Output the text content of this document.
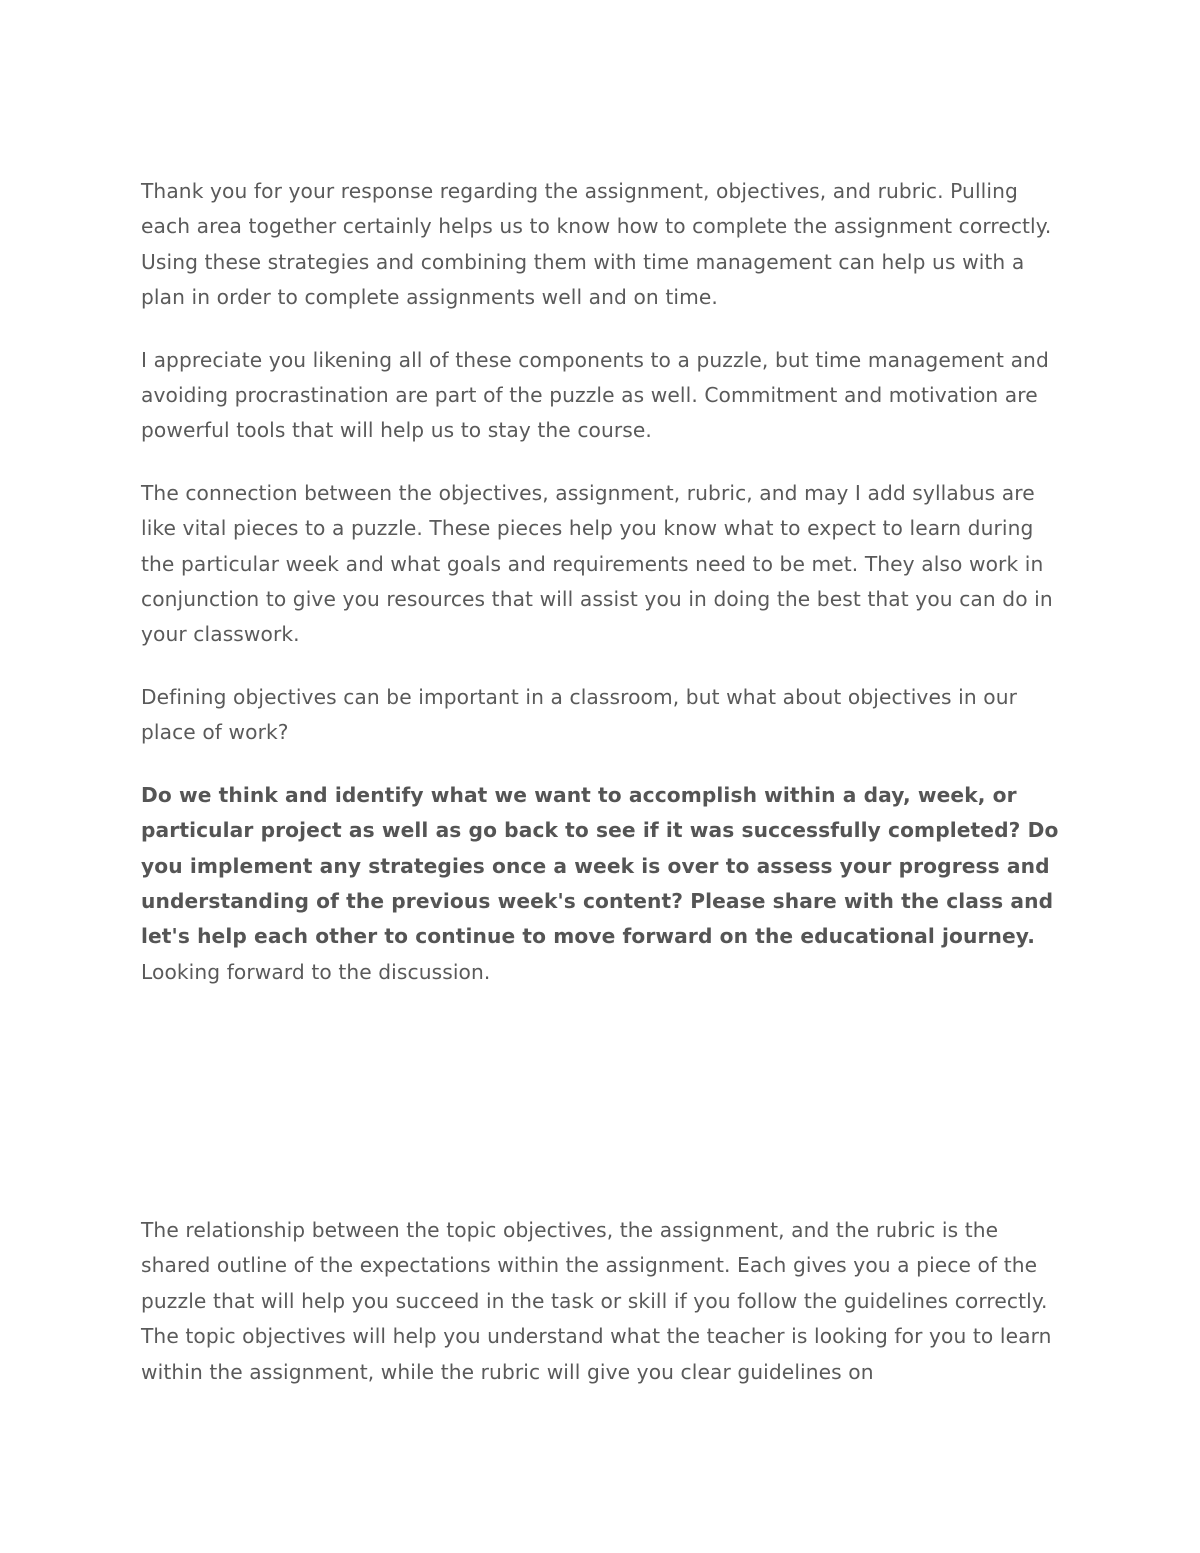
Thank you for your response regarding the assignment, objectives, and rubric. Pulling each area together certainly helps us to know how to complete the assignment correctly. Using these strategies and combining them with time management can help us with a plan in order to complete assignments well and on time.

I appreciate you likening all of these components to a puzzle, but time management and avoiding procrastination are part of the puzzle as well. Commitment and motivation are powerful tools that will help us to stay the course.

The connection between the objectives, assignment, rubric, and may I add syllabus are like vital pieces to a puzzle. These pieces help you know what to expect to learn during the particular week and what goals and requirements need to be met. They also work in conjunction to give you resources that will assist you in doing the best that you can do in your classwork.

Defining objectives can be important in a classroom, but what about objectives in our place of work?

Do we think and identify what we want to accomplish within a day, week, or particular project as well as go back to see if it was successfully completed? Do you implement any strategies once a week is over to assess your progress and understanding of the previous week's content? Please share with the class and let's help each other to continue to move forward on the educational journey.

Looking forward to the discussion.

The relationship between the topic objectives, the assignment, and the rubric is the shared outline of the expectations within the assignment. Each gives you a piece of the puzzle that will help you succeed in the task or skill if you follow the guidelines correctly. The topic objectives will help you understand what the teacher is looking for you to learn within the assignment, while the rubric will give you clear guidelines on
